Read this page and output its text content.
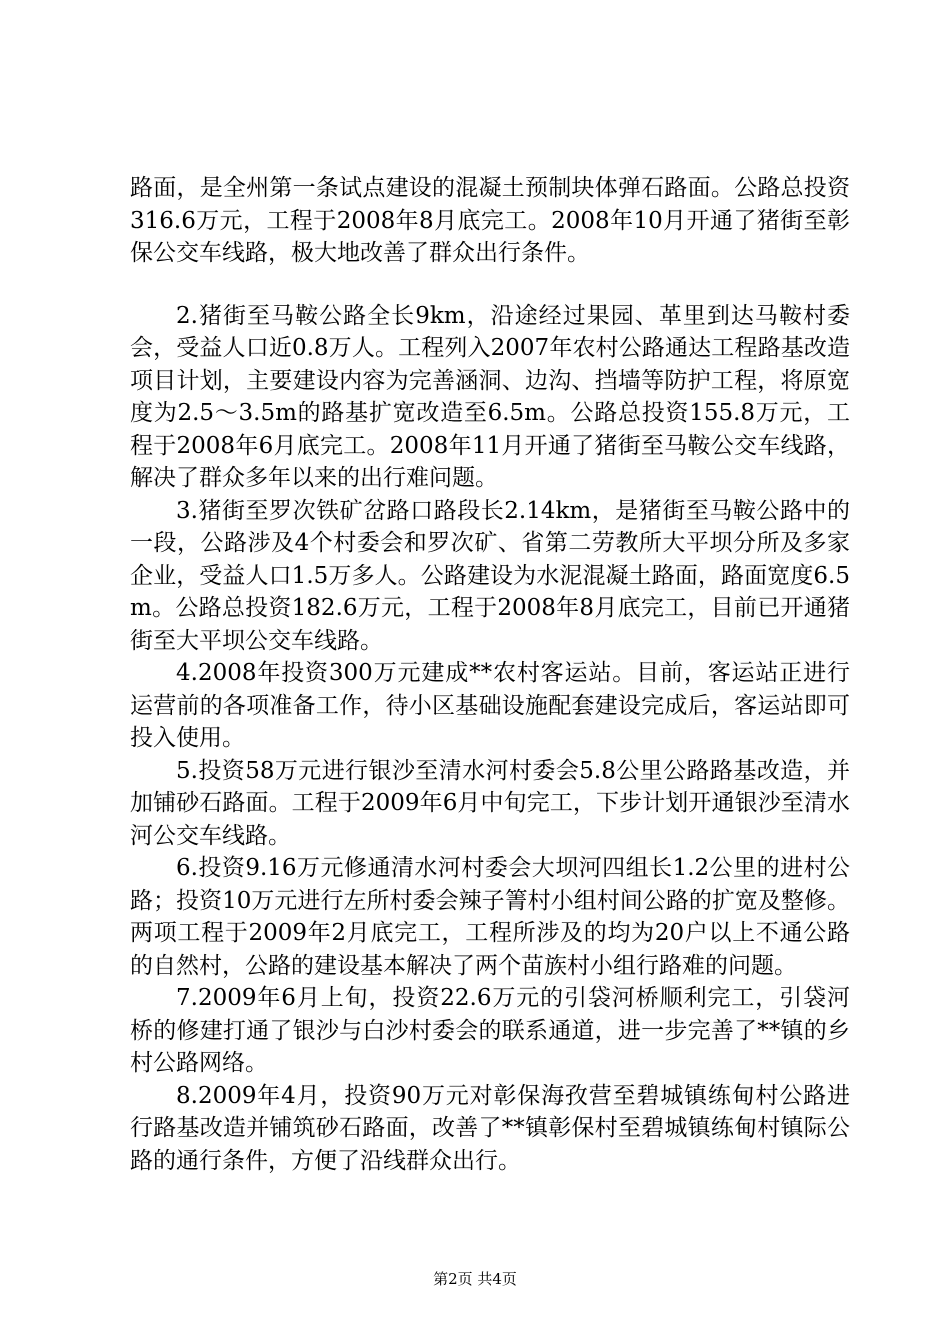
路面，是全州第一条试点建设的混凝土预制块体弹石路面。公路总投资316.6万元，工程于2008年8月底完工。2008年10月开通了猪街至彰保公交车线路，极大地改善了群众出行条件。

2.猪街至马鞍公路全长9km，沿途经过果园、革里到达马鞍村委会，受益人口近0.8万人。工程列入2007年农村公路通达工程路基改造项目计划，主要建设内容为完善涵洞、边沟、挡墙等防护工程，将原宽度为2.5～3.5m的路基扩宽改造至6.5m。公路总投资155.8万元，工程于2008年6月底完工。2008年11月开通了猪街至马鞍公交车线路，解决了群众多年以来的出行难问题。

3.猪街至罗次铁矿岔路口路段长2.14km，是猪街至马鞍公路中的一段，公路涉及4个村委会和罗次矿、省第二劳教所大平坝分所及多家企业，受益人口1.5万多人。公路建设为水泥混凝土路面，路面宽度6.5m。公路总投资182.6万元，工程于2008年8月底完工，目前已开通猪街至大平坝公交车线路。

4.2008年投资300万元建成**农村客运站。目前，客运站正进行运营前的各项准备工作，待小区基础设施配套建设完成后，客运站即可投入使用。

5.投资58万元进行银沙至清水河村委会5.8公里公路路基改造，并加铺砂石路面。工程于2009年6月中旬完工，下步计划开通银沙至清水河公交车线路。

6.投资9.16万元修通清水河村委会大坝河四组长1.2公里的进村公路；投资10万元进行左所村委会辣子箐村小组村间公路的扩宽及整修。两项工程于2009年2月底完工，工程所涉及的均为20户以上不通公路的自然村，公路的建设基本解决了两个苗族村小组行路难的问题。

7.2009年6月上旬，投资22.6万元的引袋河桥顺利完工，引袋河桥的修建打通了银沙与白沙村委会的联系通道，进一步完善了**镇的乡村公路网络。

8.2009年4月，投资90万元对彰保海孜营至碧城镇练甸村公路进行路基改造并铺筑砂石路面，改善了**镇彰保村至碧城镇练甸村镇际公路的通行条件，方便了沿线群众出行。

第2页 共4页
